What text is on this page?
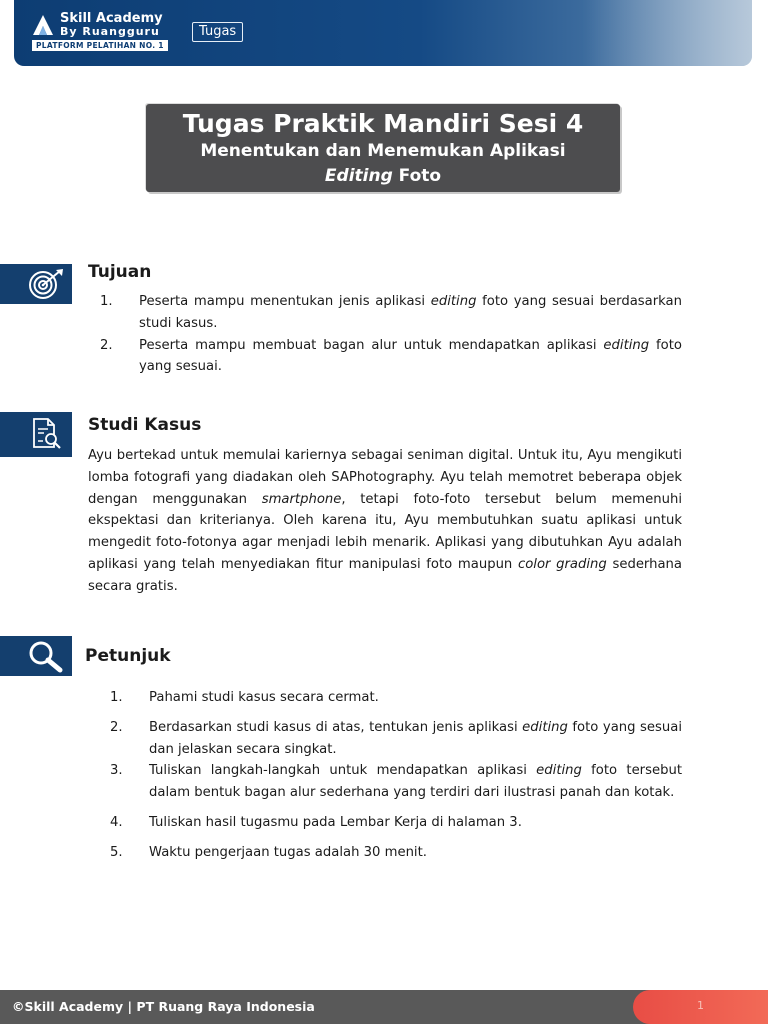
Skill Academy
By Ruangguru
PLATFORM PELATIHAN NO. 1
Tugas
Tugas Praktik Mandiri Sesi 4
Menentukan dan Menemukan Aplikasi
Editing Foto
Tujuan
1. Peserta mampu menentukan jenis aplikasi editing foto yang sesuai berdasarkan studi kasus.
2. Peserta mampu membuat bagan alur untuk mendapatkan aplikasi editing foto yang sesuai.
Studi Kasus
Ayu bertekad untuk memulai kariernya sebagai seniman digital. Untuk itu, Ayu mengikuti lomba fotografi yang diadakan oleh SAPhotography. Ayu telah memotret beberapa objek dengan menggunakan smartphone, tetapi foto-foto tersebut belum memenuhi ekspektasi dan kriterianya. Oleh karena itu, Ayu membutuhkan suatu aplikasi untuk mengedit foto-fotonya agar menjadi lebih menarik. Aplikasi yang dibutuhkan Ayu adalah aplikasi yang telah menyediakan fitur manipulasi foto maupun color grading sederhana secara gratis.
Petunjuk
1. Pahami studi kasus secara cermat.
2. Berdasarkan studi kasus di atas, tentukan jenis aplikasi editing foto yang sesuai dan jelaskan secara singkat.
3. Tuliskan langkah-langkah untuk mendapatkan aplikasi editing foto tersebut dalam bentuk bagan alur sederhana yang terdiri dari ilustrasi panah dan kotak.
4. Tuliskan hasil tugasmu pada Lembar Kerja di halaman 3.
5. Waktu pengerjaan tugas adalah 30 menit.
©Skill Academy | PT Ruang Raya Indonesia	1
